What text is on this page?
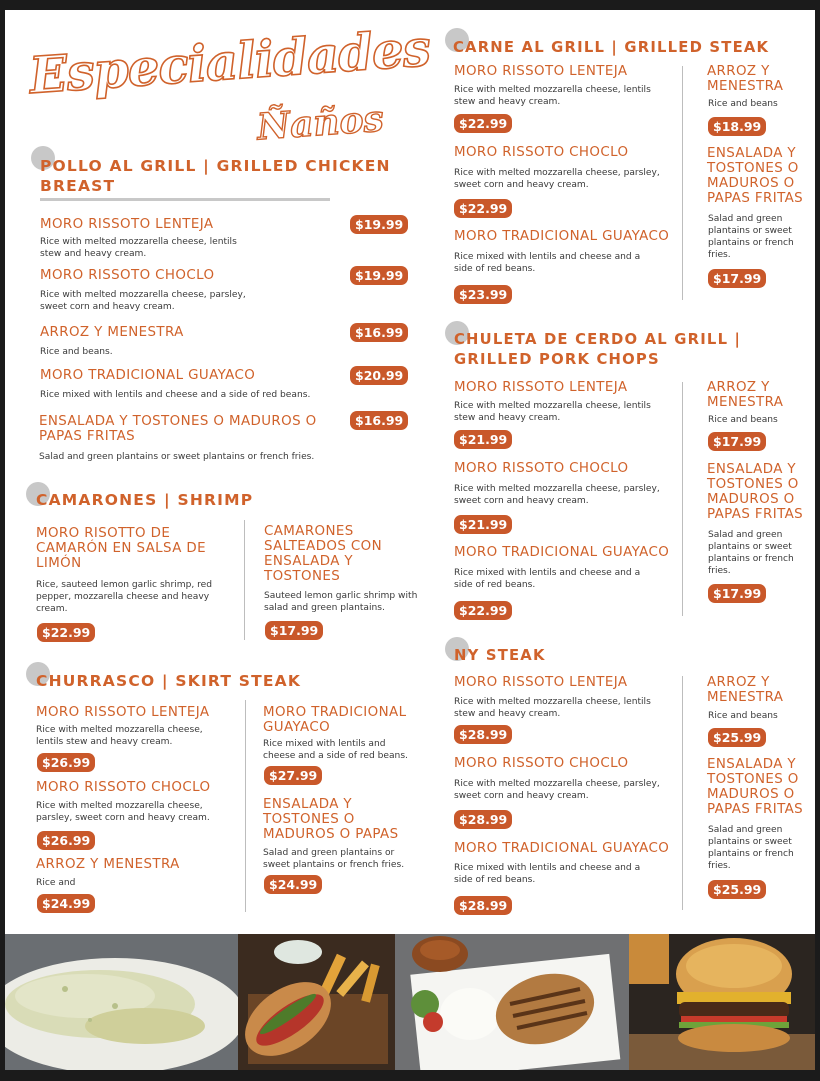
Especialidades
Ñaños
POLLO AL GRILL | GRILLED CHICKEN BREAST
MORO RISSOTO LENTEJA
Rice with melted mozzarella cheese, lentils stew and heavy cream.
$19.99
MORO RISSOTO CHOCLO
Rice with melted mozzarella cheese, parsley, sweet corn and heavy cream.
$19.99
ARROZ Y MENESTRA
Rice and beans.
$16.99
MORO TRADICIONAL GUAYACO
Rice mixed with lentils and cheese and a side of red beans.
$20.99
ENSALADA Y TOSTONES O MADUROS O PAPAS FRITAS
Salad and green plantains or sweet plantains or french fries.
$16.99
CAMARONES | SHRIMP
MORO RISOTTO DE CAMARÓN EN SALSA DE LIMÓN
Rice, sauteed lemon garlic shrimp, red pepper, mozzarella cheese and heavy cream.
$22.99
CAMARONES SALTEADOS CON ENSALADA Y TOSTONES
Sauteed lemon garlic shrimp with salad and green plantains.
$17.99
CHURRASCO | SKIRT STEAK
MORO RISSOTO LENTEJA
Rice with melted mozzarella cheese, lentils stew and heavy cream.
$26.99
MORO RISSOTO CHOCLO
Rice with melted mozzarella cheese, parsley, sweet corn and heavy cream.
$26.99
ARROZ Y MENESTRA
Rice and
$24.99
MORO TRADICIONAL GUAYACO
Rice mixed with lentils and cheese and a side of red beans.
$27.99
ENSALADA Y TOSTONES O MADUROS O PAPAS
Salad and green plantains or sweet plantains or french fries.
$24.99
CARNE AL GRILL | GRILLED STEAK
MORO RISSOTO LENTEJA
Rice with melted mozzarella cheese, lentils stew and heavy cream.
$22.99
MORO RISSOTO CHOCLO
Rice with melted mozzarella cheese, parsley, sweet corn and heavy cream.
$22.99
MORO TRADICIONAL GUAYACO
Rice mixed with lentils and cheese and a side of red beans.
$23.99
ARROZ Y MENESTRA
Rice and beans
$18.99
ENSALADA Y TOSTONES O MADUROS O PAPAS FRITAS
Salad and green plantains or sweet plantains or french fries.
$17.99
CHULETA DE CERDO AL GRILL | GRILLED PORK CHOPS
MORO RISSOTO LENTEJA
Rice with melted mozzarella cheese, lentils stew and heavy cream.
$21.99
MORO RISSOTO CHOCLO
Rice with melted mozzarella cheese, parsley, sweet corn and heavy cream.
$21.99
MORO TRADICIONAL GUAYACO
Rice mixed with lentils and cheese and a side of red beans.
$22.99
ARROZ Y MENESTRA
Rice and beans
$17.99
ENSALADA Y TOSTONES O MADUROS O PAPAS FRITAS
Salad and green plantains or sweet plantains or french fries.
$17.99
NY STEAK
MORO RISSOTO LENTEJA
Rice with melted mozzarella cheese, lentils stew and heavy cream.
$28.99
MORO RISSOTO CHOCLO
Rice with melted mozzarella cheese, parsley, sweet corn and heavy cream.
$28.99
MORO TRADICIONAL GUAYACO
Rice mixed with lentils and cheese and a side of red beans.
$28.99
ARROZ Y MENESTRA
Rice and beans
$25.99
ENSALADA Y TOSTONES O MADUROS O PAPAS FRITAS
Salad and green plantains or sweet plantains or french fries.
$25.99
